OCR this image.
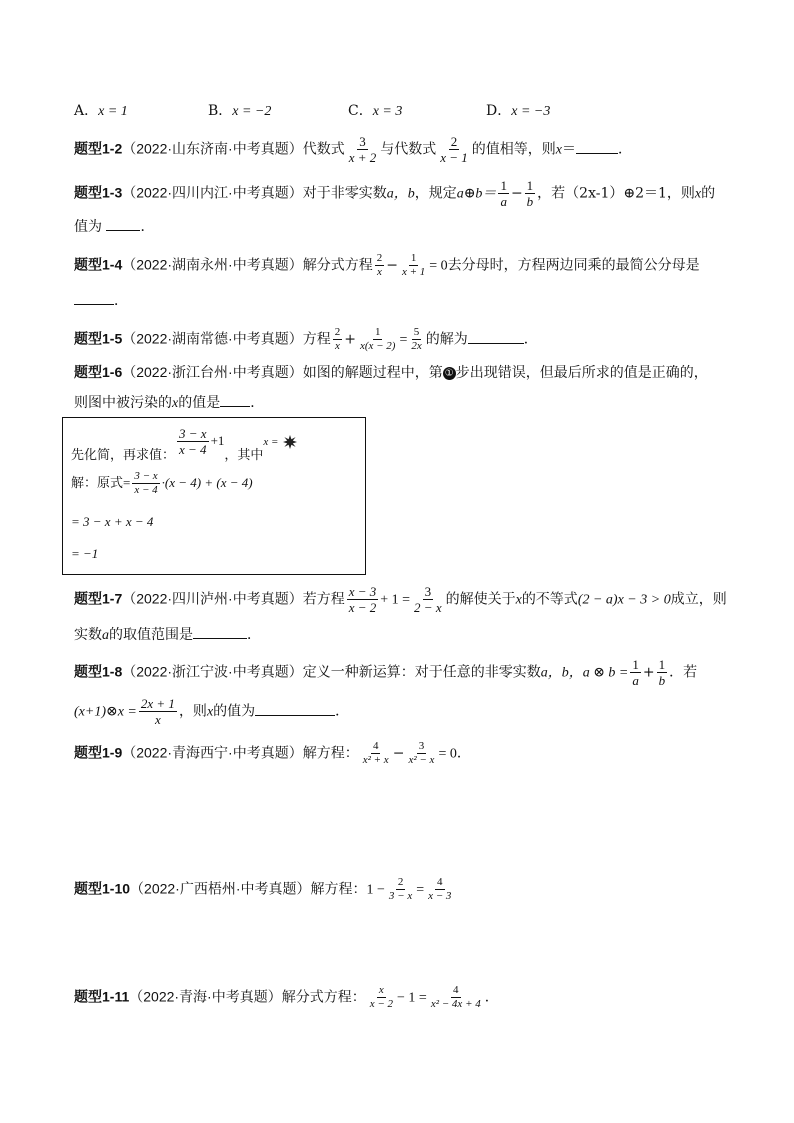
A．x = 1	B．x = −2	C．x = 3	D．x = −3
题型1-2（2022·山东济南·中考真题）代数式 $\frac{3}{x + 2}$ 与代数式 $\frac{2}{x - 1}$ 的值相等，则x＝	．
题型1-3（2022·四川内江·中考真题）对于非零实数a，b，规定a⊕b＝ $\frac{1}{a} - \frac{1}{b}$ ，若（2x-1）⊕2＝1，则x的
值为	．
题型1-4（2022·湖南永州·中考真题）解分式方程 $\frac{2}{x} - \frac{1}{x + 1} = 0$去分母时，方程两边同乘的最简公分母是
．
题型1-5（2022·湖南常德·中考真题）方程 $\frac{2}{x} + \frac{1}{x(x - 2)} = \frac{5}{2x}$ 的解为	．
题型1-6（2022·浙江台州·中考真题）如图的解题过程中，第 ① 步出现错误，但最后所求的值是正确的，
则图中被污染的x的值是 ．
先化简，再求值： $\frac{3 - x}{x - 4} +1$，其中x =
解：原式= $\frac{3 - x}{x - 4} \cdot(x - 4) + (x - 4)$
= 3 − x + x − 4
= −1
题型1-7（2022·四川泸州·中考真题）若方程 $\frac{x - 3}{x - 2} + 1 = \frac{3}{2 - x}$ 的解使关于x的不等式(2 − a)x − 3 > 0成立，则
实数a的取值范围是	．
题型1-8（2022·浙江宁波·中考真题）定义一种新运算：对于任意的非零实数a，b，a ⊗ $b = \frac{1}{a} + \frac{1}{b}$ ．若
(x+1)⊗x = $\frac{2x + 1}{x}$ ，则x的值为	．
题型1-9（2022·青海西宁·中考真题）解方程： $\frac{4}{\text{x² + x}} - \frac{3}{\text{x² − x}} = 0$．
题型1-10（2022·广西梧州·中考真题）解方程：$1 - \frac{2}{3 - x} = \frac{4}{x - 3}$
题型1-11（2022·青海·中考真题）解分式方程： $\frac{x}{x - 2} - 1 = \frac{4}{\text{x² − 4x + 4}}$ ．
